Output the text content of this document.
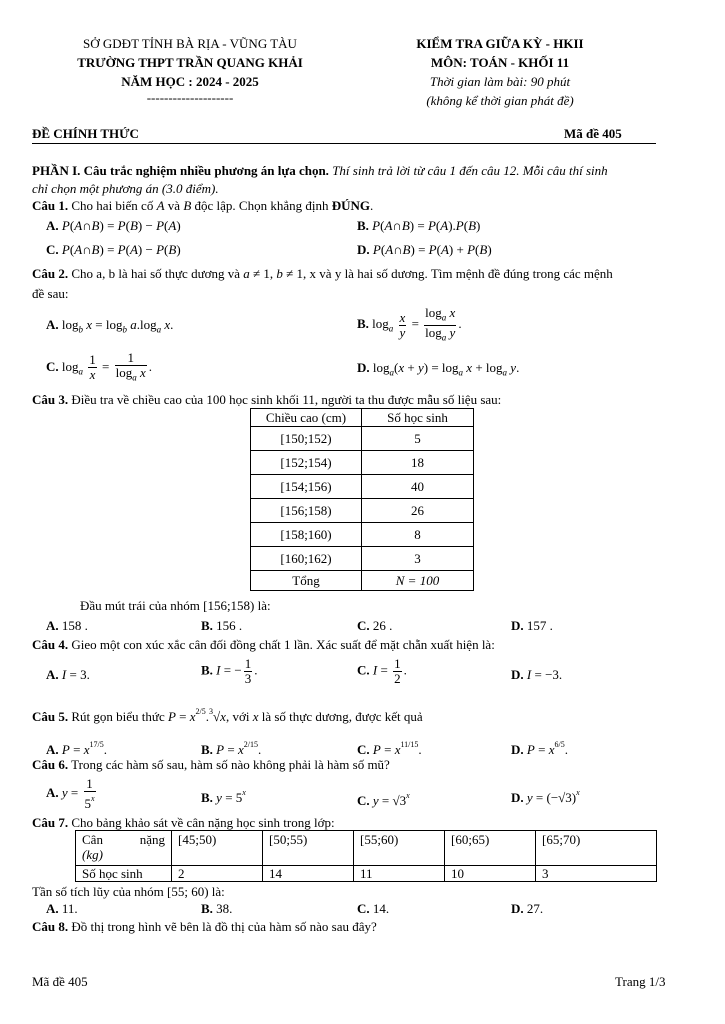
SỞ GDĐT TỈNH BÀ RỊA - VŨNG TÀU
TRƯỜNG THPT TRẦN QUANG KHẢI
NĂM HỌC : 2024 - 2025
--------------------
KIỂM TRA GIỮA KỲ - HKII
MÔN: TOÁN - KHỐI 11
Thời gian làm bài: 90 phút
(không kể thời gian phát đề)
ĐỀ CHÍNH THỨC	Mã đề 405
PHẦN I. Câu trắc nghiệm nhiều phương án lựa chọn. Thí sinh trả lời từ câu 1 đến câu 12. Mỗi câu thí sinh
chỉ chọn một phương án (3.0 điểm).
Câu 1. Cho hai biến cố A và B độc lập. Chọn khẳng định ĐÚNG.
A. P(A∩B) = P(B) − P(A)	B. P(A∩B) = P(A).P(B)
C. P(A∩B) = P(A) − P(B)	D. P(A∩B) = P(A) + P(B)
Câu 2. Cho a, b là hai số thực dương và a ≠ 1, b ≠ 1, x và y là hai số dương. Tìm mệnh đề đúng trong các mệnh
đề sau:
A. $\log_b x = \log_b a.\log_a$ x.	B. $\log_a \frac{x}{y} = \frac{\log_a x}{\log_a y}$ .
C. $\log_a \frac{1}{x} = \frac{1}{\log_a x}$ .	D. $\log_a(x + y) = \log_a x + \log_a y$.
Câu 3. Điều tra về chiều cao của 100 học sinh khối 11, người ta thu được mẫu số liệu sau:
Chiều cao (cm)	Số học sinh
[150;152)	5
[152;154)	18
[154;156)	40
[156;158)	26
[158;160)	8
[160;162)	3
Tổng	N = 100
Đầu mút trái của nhóm [156;158) là:
A. 158 .	B. 156 .	C. 26 .	D. 157 .
Câu 4. Gieo một con xúc xắc cân đối đồng chất 1 lần. Xác suất để mặt chẵn xuất hiện là:
A. I = 3.	B. I = − $\frac{1}{3}$ .	C. $I = \frac{1}{2}$ .	D. I = −3.
Câu 5. Rút gọn biểu thức $P = x^{2/5}.^3√x$, với x là số thực dương, được kết quả
A. $P = x^{17/5}$.	B. $P = x^{2/15}$.	C. $P = x^{11/15}$.	D. $P = x^{6/5}$.
Câu 6. Trong các hàm số sau, hàm số nào không phải là hàm số mũ?
A. $y = \frac{1}{5^x}$	B. $y = 5^x$
C. $y = √3^x$	D. $y = (-√3)^x$
Câu 7. Cho bảng khảo sát về cân nặng học sinh trong lớp:
Cân nặng
(kg)	[45;50)	[50;55)	[55;60)	[60;65)	[65;70)
Số học sinh	2	14	11	10	3
Tần số tích lũy của nhóm [55; 60) là:
A. 11.	B. 38.	C. 14.	D. 27.
Câu 8. Đồ thị trong hình vẽ bên là đồ thị của hàm số nào sau đây?
Mã đề 405	Trang 1/3
